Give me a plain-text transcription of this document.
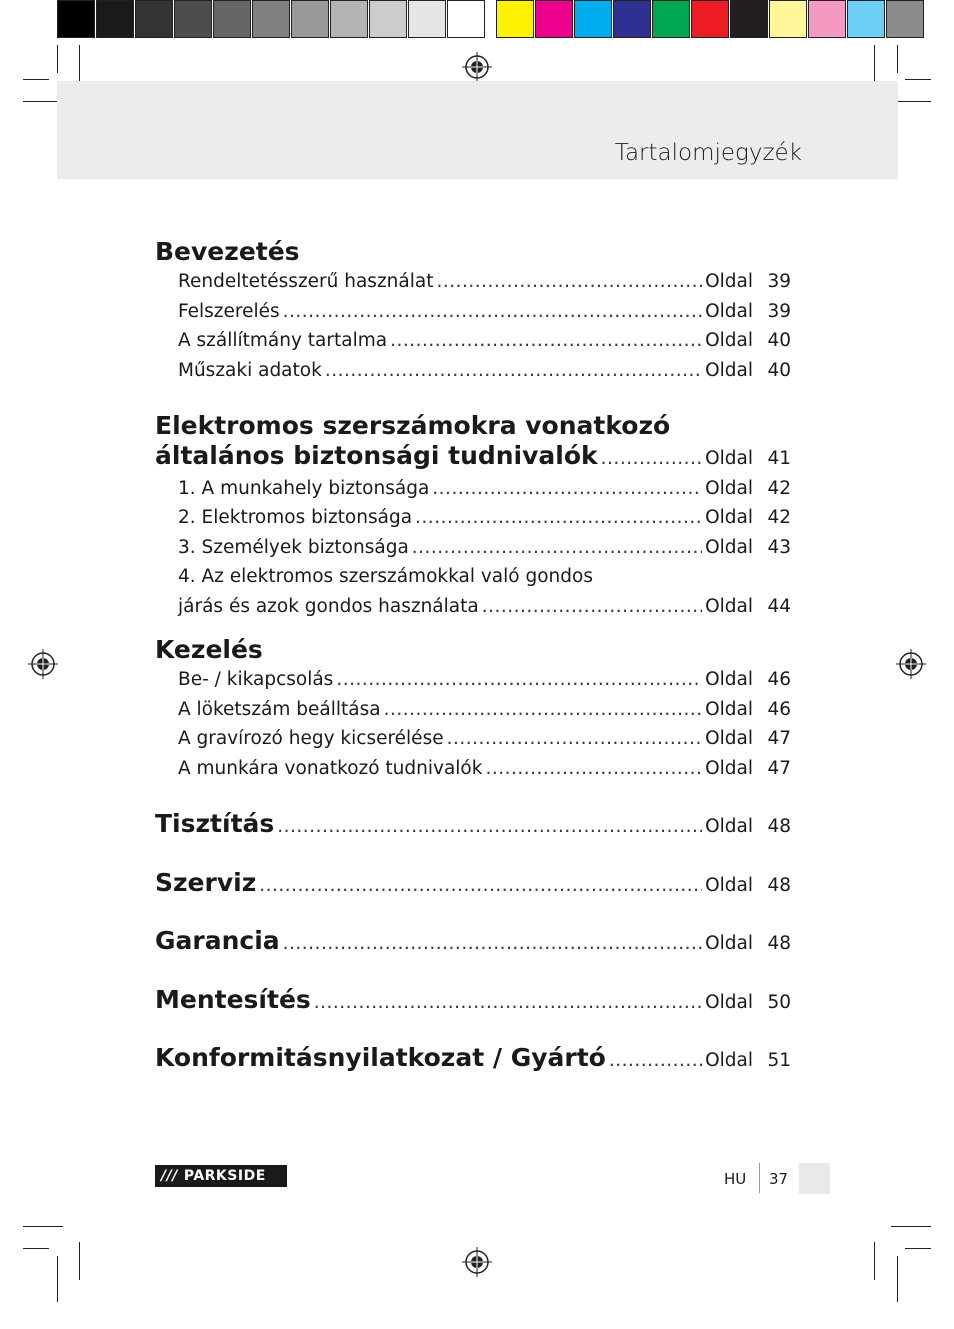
Tartalomjegyzék
Bevezetés
Rendeltetésszerű használat .....	Oldal 39
Felszerelés .....	Oldal 39
A szállítmány tartalma .....	Oldal 40
Műszaki adatok .....	Oldal 40
Elektromos szerszámokra vonatkozó
általános biztonsági tudnivalók .....	Oldal 41
1. A munkahely biztonsága .....	Oldal 42
2. Elektromos biztonsága .....	Oldal 42
3. Személyek biztonsága .....	Oldal 43
4. Az elektromos szerszámokkal való gondos
járás és azok gondos használata .....	Oldal 44
Kezelés
Be- / kikapcsolás .....	Oldal 46
A löketszám beálltása .....	Oldal 46
A gravírozó hegy kicserélése .....	Oldal 47
A munkára vonatkozó tudnivalók .....	Oldal 47
Tisztítás .....	Oldal 48
Szerviz .....	Oldal 48
Garancia .....	Oldal 48
Mentesítés .....	Oldal 50
Konformitásnyilatkozat / Gyártó .....	Oldal 51
/// PARKSIDE	HU 37
